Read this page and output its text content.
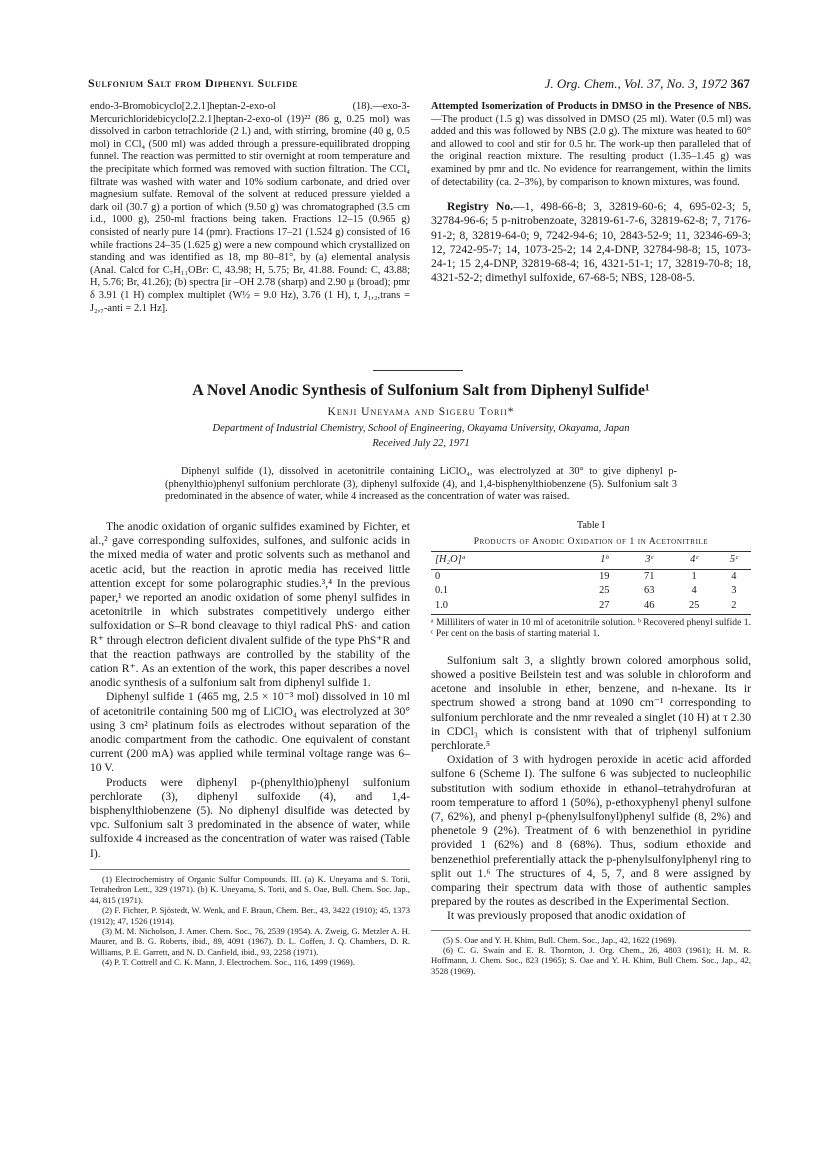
Sulfonium Salt from Diphenyl Sulfide	J. Org. Chem., Vol. 37, No. 3, 1972 367

endo-3-Bromobicyclo[2.2.1]heptan-2-exo-ol (18).—exo-3-Mercurichloridebicyclo[2.2.1]heptan-2-exo-ol (19)²² (86 g, 0.25 mol) was dissolved in carbon tetrachloride (2 l.) and, with stirring, bromine (40 g, 0.5 mol) in CCl₄ (500 ml) was added through a pressure-equilibrated dropping funnel. The reaction was permitted to stir overnight at room temperature and the precipitate which formed was removed with suction filtration. The CCl₄ filtrate was washed with water and 10% sodium carbonate, and dried over magnesium sulfate. Removal of the solvent at reduced pressure yielded a dark oil (30.7 g) a portion of which (9.50 g) was chromatographed (3.5 cm i.d., 1000 g), 250-ml fractions being taken. Fractions 12–15 (0.965 g) consisted of nearly pure 14 (pmr). Fractions 17–21 (1.524 g) consisted of 16 while fractions 24–35 (1.625 g) were a new compound which crystallized on standing and was identified as 18, mp 80–81°, by (a) elemental analysis (Anal. Calcd for C₇H₁₁OBr: C, 43.98; H, 5.75; Br, 41.88. Found: C, 43.88; H, 5.76; Br, 41.26); (b) spectra [ir –OH 2.78 (sharp) and 2.90 μ (broad); pmr δ 3.91 (1 H) complex multiplet (W½ = 9.0 Hz), 3.76 (1 H), t, J₁,₂,trans = J₂,₇-anti = 2.1 Hz].

Attempted Isomerization of Products in DMSO in the Presence of NBS.—The product (1.5 g) was dissolved in DMSO (25 ml). Water (0.5 ml) was added and this was followed by NBS (2.0 g). The mixture was heated to 60° and allowed to cool and stir for 0.5 hr. The work-up then paralleled that of the original reaction mixture. The resulting product (1.35–1.45 g) was examined by pmr and tlc. No evidence for rearrangement, within the limits of detectability (ca. 2–3%), by comparison to known mixtures, was found.

Registry No.—1, 498-66-8; 3, 32819-60-6; 4, 695-02-3; 5, 32784-96-6; 5 p-nitrobenzoate, 32819-61-7-6, 32819-62-8; 7, 7176-91-2; 8, 32819-64-0; 9, 7242-94-6; 10, 2843-52-9; 11, 32346-69-3; 12, 7242-95-7; 14, 1073-25-2; 14 2,4-DNP, 32784-98-8; 15, 1073-24-1; 15 2,4-DNP, 32819-68-4; 16, 4321-51-1; 17, 32819-70-8; 18, 4321-52-2; dimethyl sulfoxide, 67-68-5; NBS, 128-08-5.

A Novel Anodic Synthesis of Sulfonium Salt from Diphenyl Sulfide¹
Kenji Uneyama and Sigeru Torii*
Department of Industrial Chemistry, School of Engineering, Okayama University, Okayama, Japan
Received July 22, 1971
Diphenyl sulfide (1), dissolved in acetonitrile containing LiClO₄, was electrolyzed at 30° to give diphenyl p-(phenylthio)phenyl sulfonium perchlorate (3), diphenyl sulfoxide (4), and 1,4-bisphenylthiobenzene (5). Sulfonium salt 3 predominated in the absence of water, while 4 increased as the concentration of water was raised.

The anodic oxidation of organic sulfides examined by Fichter, et al.,² gave corresponding sulfoxides, sulfones, and sulfonic acids in the mixed media of water and protic solvents such as methanol and acetic acid, but the reaction in aprotic media has received little attention except for some polarographic studies.³,⁴ In the previous paper,¹ we reported an anodic oxidation of some phenyl sulfides in acetonitrile in which substrates competitively undergo either sulfoxidation or S–R bond cleavage to thiyl radical PhS· and cation R⁺ through electron deficient divalent sulfide of the type PhS⁺R and that the reaction pathways are controlled by the stability of the cation R⁺. As an extention of the work, this paper describes a novel anodic synthesis of a sulfonium salt from diphenyl sulfide 1.

Diphenyl sulfide 1 (465 mg, 2.5 × 10⁻³ mol) dissolved in 10 ml of acetonitrile containing 500 mg of LiClO₄ was electrolyzed at 30° using 3 cm² platinum foils as electrodes without separation of the anodic compartment from the cathodic. One equivalent of constant current (200 mA) was applied while terminal voltage range was 6–10 V.

Products were diphenyl p-(phenylthio)phenyl sulfonium perchlorate (3), diphenyl sulfoxide (4), and 1,4-bisphenylthiobenzene (5). No diphenyl disulfide was detected by vpc. Sulfonium salt 3 predominated in the absence of water, while sulfoxide 4 increased as the concentration of water was raised (Table I).

(1) Electrochemistry of Organic Sulfur Compounds. III. (a) K. Uneyama and S. Torii, Tetrahedron Lett., 329 (1971). (b) K. Uneyama, S. Torii, and S. Oae, Bull. Chem. Soc. Jap., 44, 815 (1971).

(2) F. Fichter, P. Sjöstedt, W. Wenk, and F. Braun, Chem. Ber., 43, 3422 (1910); 45, 1373 (1912); 47, 1526 (1914).

(3) M. M. Nicholson, J. Amer. Chem. Soc., 76, 2539 (1954). A. Zweig, G. Metzler A. H. Maurer, and B. G. Roberts, ibid., 89, 4091 (1967). D. L. Coffen, J. Q. Chambers, D. R. Williams, P. E. Garrett, and N. D. Canfield, ibid., 93, 2258 (1971).

(4) P. T. Cottrell and C. K. Mann, J. Electrochem. Soc., 116, 1499 (1969).

Table I
Products of Anodic Oxidation of 1 in Acetonitrile
[H₂O]ᵃ	1ᵇ	3ᶜ	4ᶜ	5ᶜ
0	19	71	1	4
0.1	25	63	4	3
1.0	27	46	25	2
ᵃ Milliliters of water in 10 ml of acetonitrile solution. ᵇ Recovered phenyl sulfide 1. ᶜ Per cent on the basis of starting material 1.

Sulfonium salt 3, a slightly brown colored amorphous solid, showed a positive Beilstein test and was soluble in chloroform and acetone and insoluble in ether, benzene, and n-hexane. Its ir spectrum showed a strong band at 1090 cm⁻¹ corresponding to sulfonium perchlorate and the nmr revealed a singlet (10 H) at τ 2.30 in CDCl₃ which is consistent with that of triphenyl sulfonium perchlorate.⁵

Oxidation of 3 with hydrogen peroxide in acetic acid afforded sulfone 6 (Scheme I). The sulfone 6 was subjected to nucleophilic substitution with sodium ethoxide in ethanol–tetrahydrofuran at room temperature to afford 1 (50%), p-ethoxyphenyl phenyl sulfone (7, 62%), and phenyl p-(phenylsulfonyl)phenyl sulfide (8, 2%) and phenetole 9 (2%). Treatment of 6 with benzenethiol in pyridine provided 1 (62%) and 8 (68%). Thus, sodium ethoxide and benzenethiol preferentially attack the p-phenylsulfonylphenyl ring to split out 1.⁶ The structures of 4, 5, 7, and 8 were assigned by comparing their spectrum data with those of authentic samples prepared by the routes as described in the Experimental Section.

It was previously proposed that anodic oxidation of

(5) S. Oae and Y. H. Khim, Bull. Chem. Soc., Jap., 42, 1622 (1969).

(6) C. G. Swain and E. R. Thornton, J. Org. Chem., 26, 4803 (1961); H. M. R. Hoffmann, J. Chem. Soc., 823 (1965); S. Oae and Y. H. Khim, Bull Chem. Soc., Jap., 42, 3528 (1969).
